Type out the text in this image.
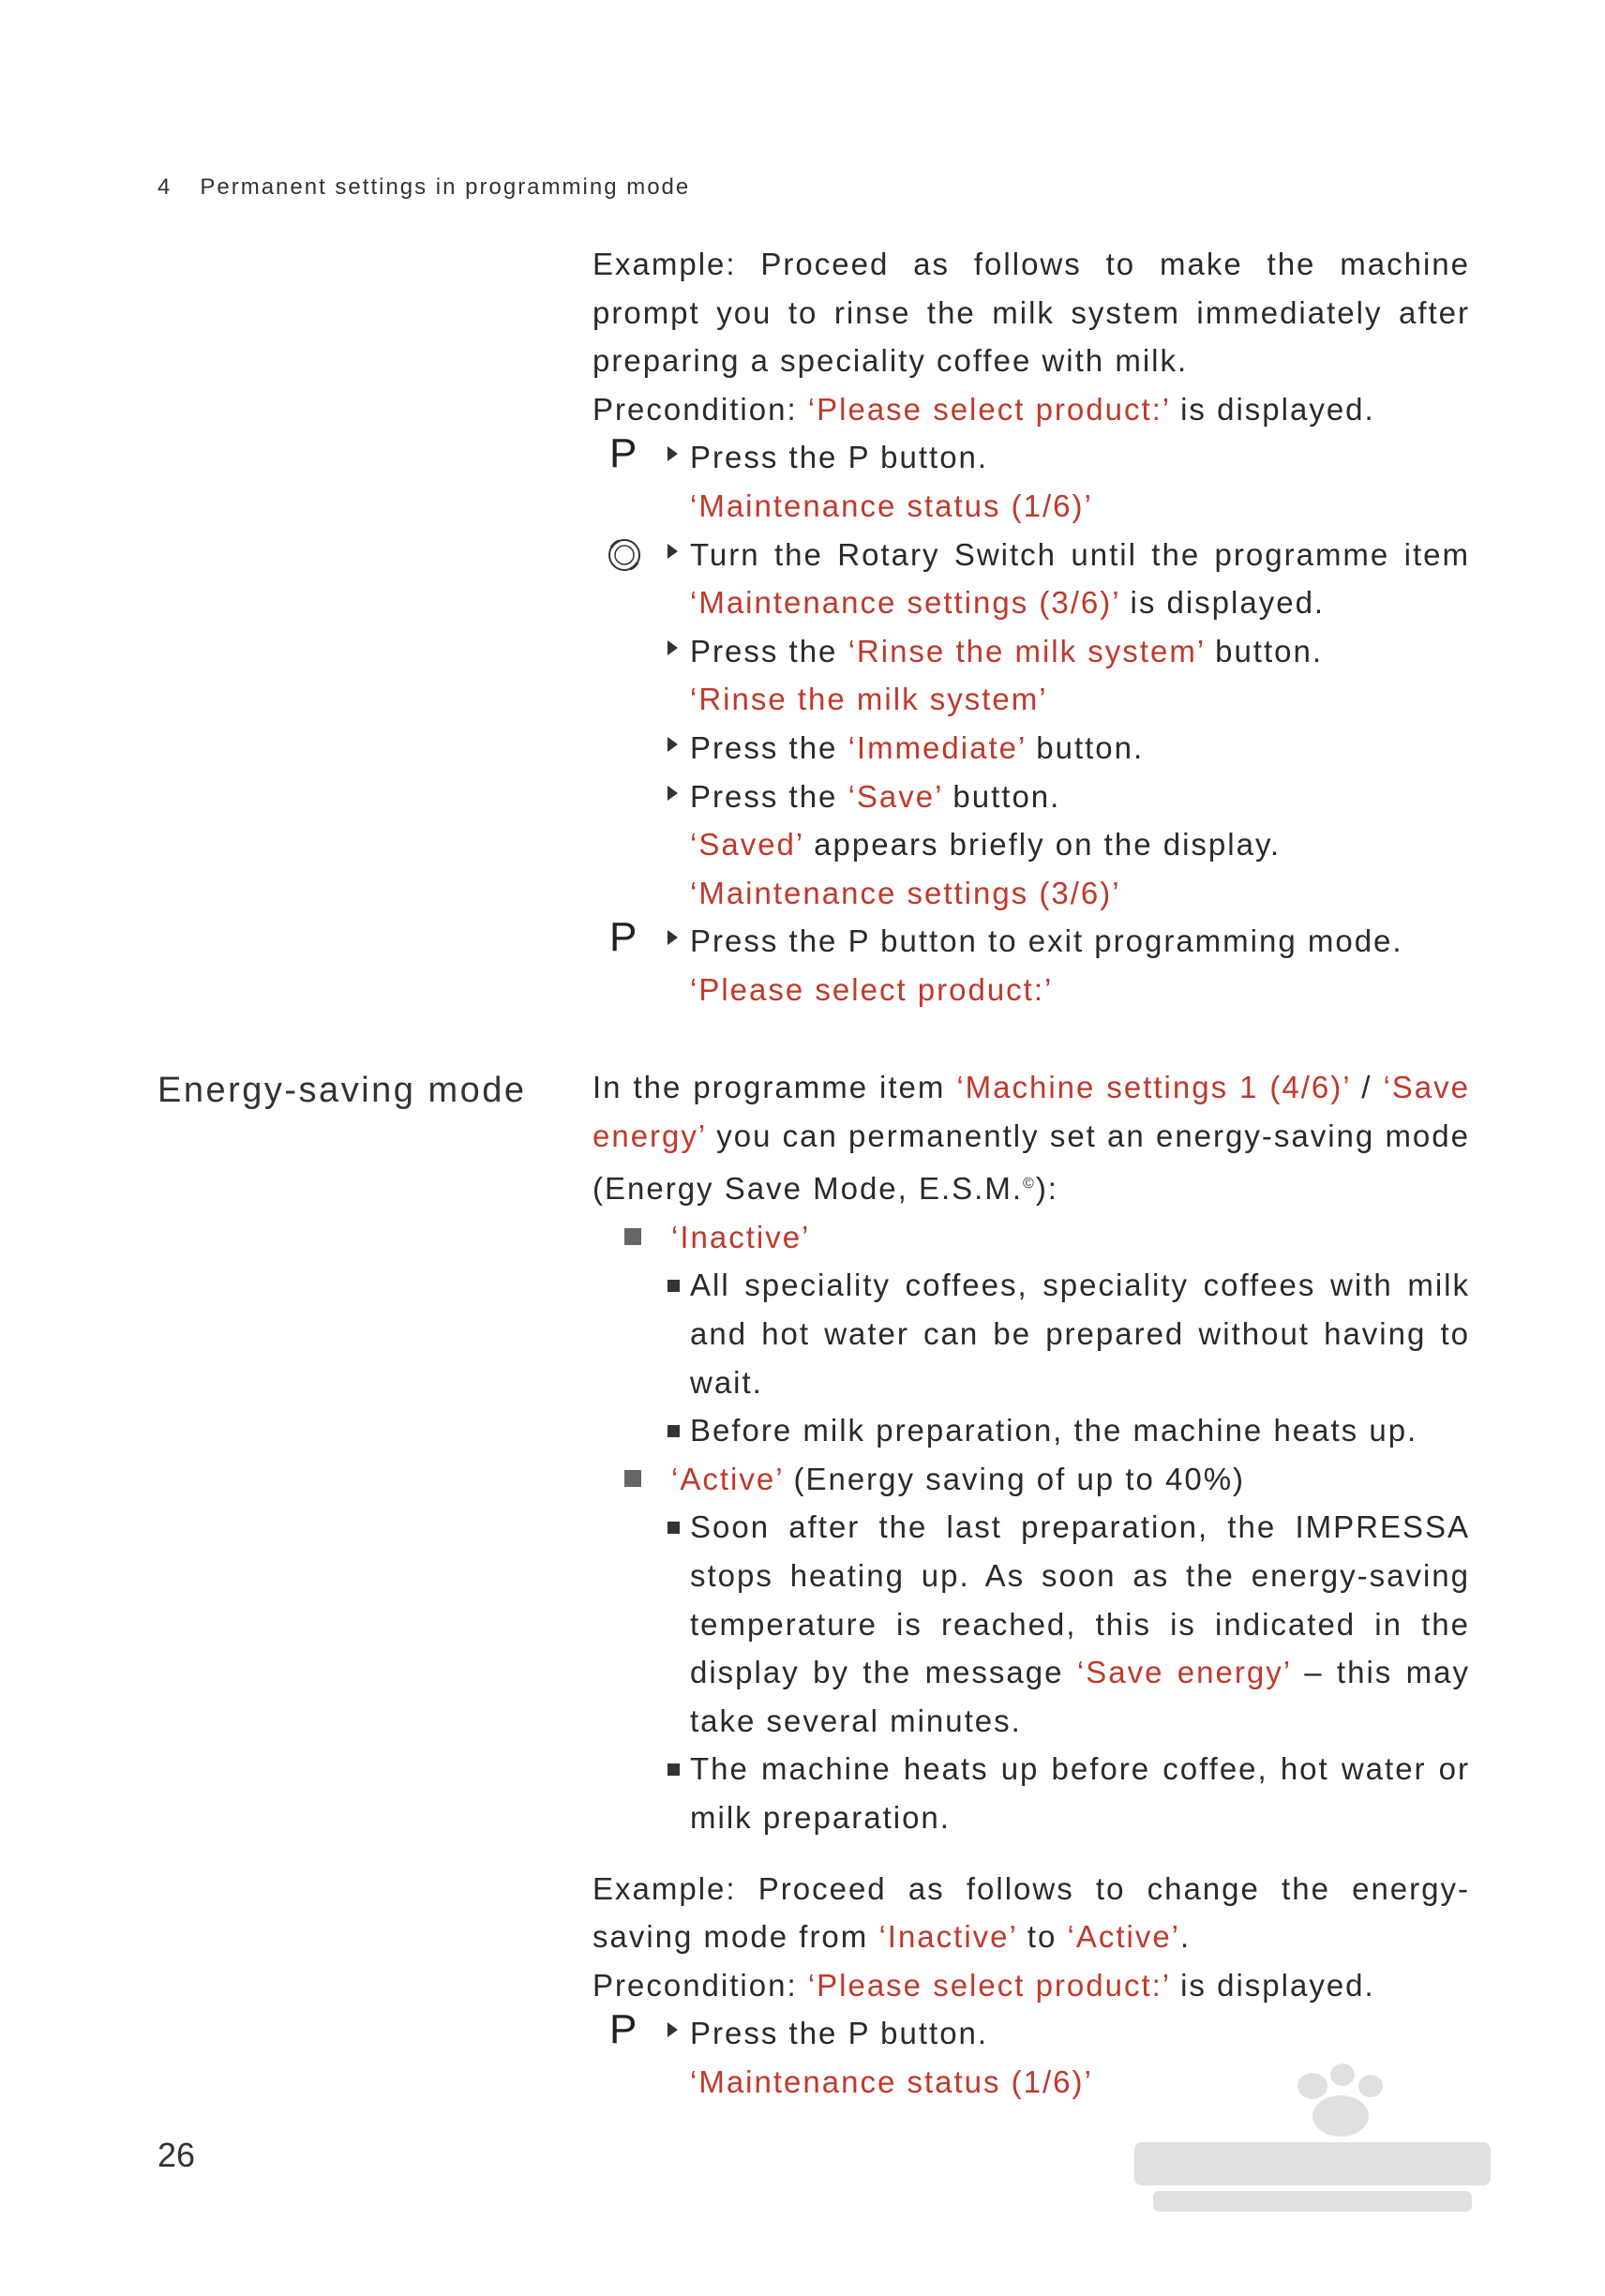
4 Permanent settings in programming mode
Energy-saving mode

Example: Proceed as follows to make the machine prompt you to rinse the milk system immediately after preparing a speciality coffee with milk.

Precondition: ‘Please select product:’ is displayed.

P Press the P button.
‘Maintenance status (1/6)’
Turn the Rotary Switch until the programme item ‘Maintenance settings (3/6)’ is displayed.
Press the ‘Rinse the milk system’ button.
‘Rinse the milk system’
Press the ‘Immediate’ button.
Press the ‘Save’ button.
‘Saved’ appears briefly on the display.
‘Maintenance settings (3/6)’
P Press the P button to exit programming mode.
‘Please select product:’

In the programme item ‘Machine settings 1 (4/6)’ / ‘Save energy’ you can permanently set an energy-saving mode (Energy Save Mode, E.S.M.©):

‘Inactive’
All speciality coffees, speciality coffees with milk and hot water can be prepared without having to wait.
Before milk preparation, the machine heats up.
‘Active’ (Energy saving of up to 40%)
Soon after the last preparation, the IMPRESSA stops heating up. As soon as the energy-saving temperature is reached, this is indicated in the display by the message ‘Save energy’ – this may take several minutes.
The machine heats up before coffee, hot water or milk preparation.

Example: Proceed as follows to change the energy-saving mode from ‘Inactive’ to ‘Active’.

Precondition: ‘Please select product:’ is displayed.

P Press the P button.
‘Maintenance status (1/6)’
26
